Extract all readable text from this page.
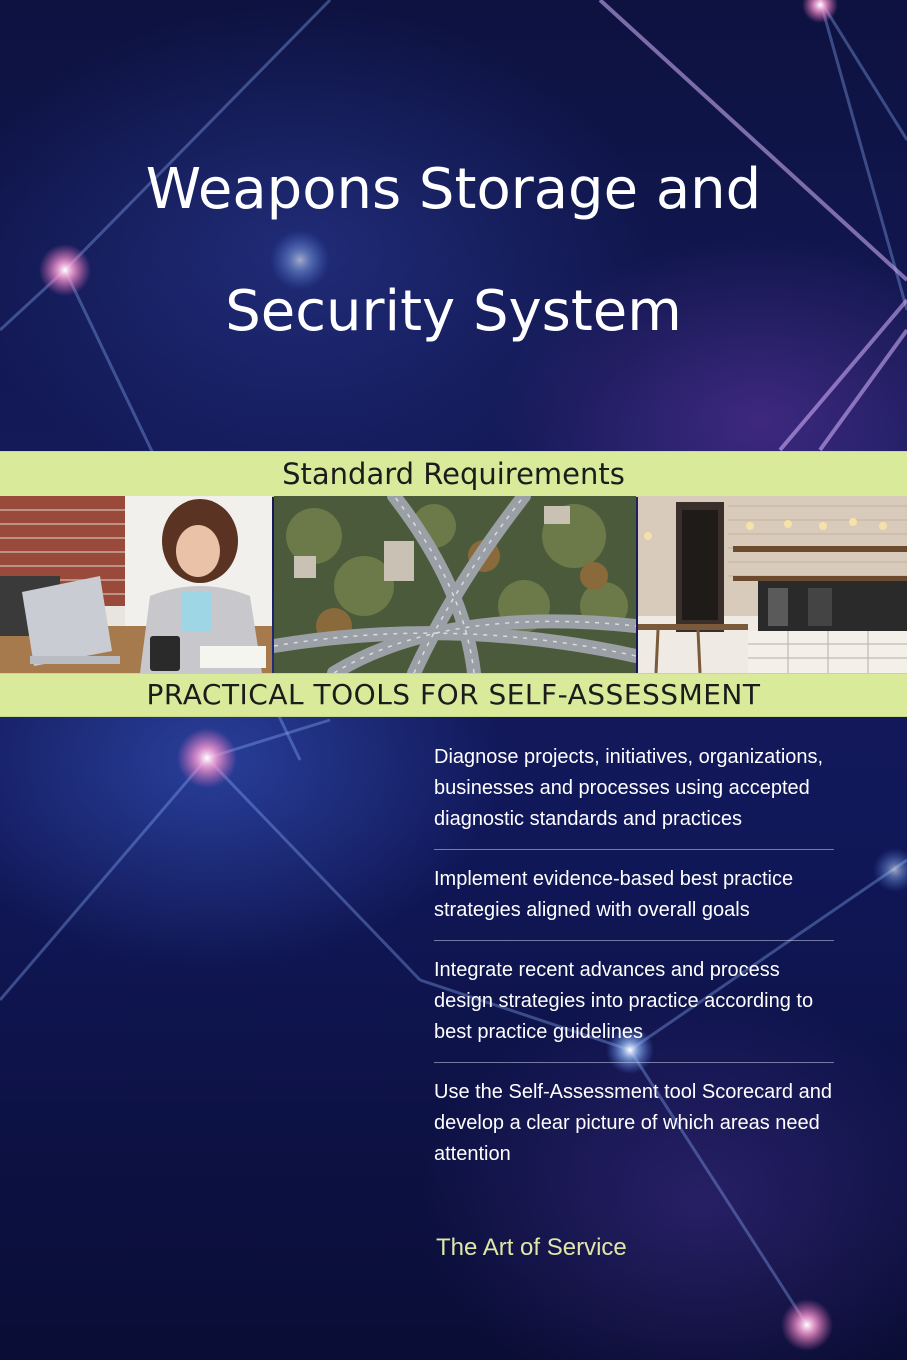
Weapons Storage and
Security System
Standard Requirements
PRACTICAL TOOLS FOR SELF-ASSESSMENT
Diagnose projects, initiatives, organizations, businesses and processes using accepted diagnostic standards and practices
Implement evidence-based best practice strategies aligned with overall goals
Integrate recent advances and process design strategies into practice according to best practice guidelines
Use the Self-Assessment tool Scorecard and develop a clear picture of which areas need attention
The Art of Service
